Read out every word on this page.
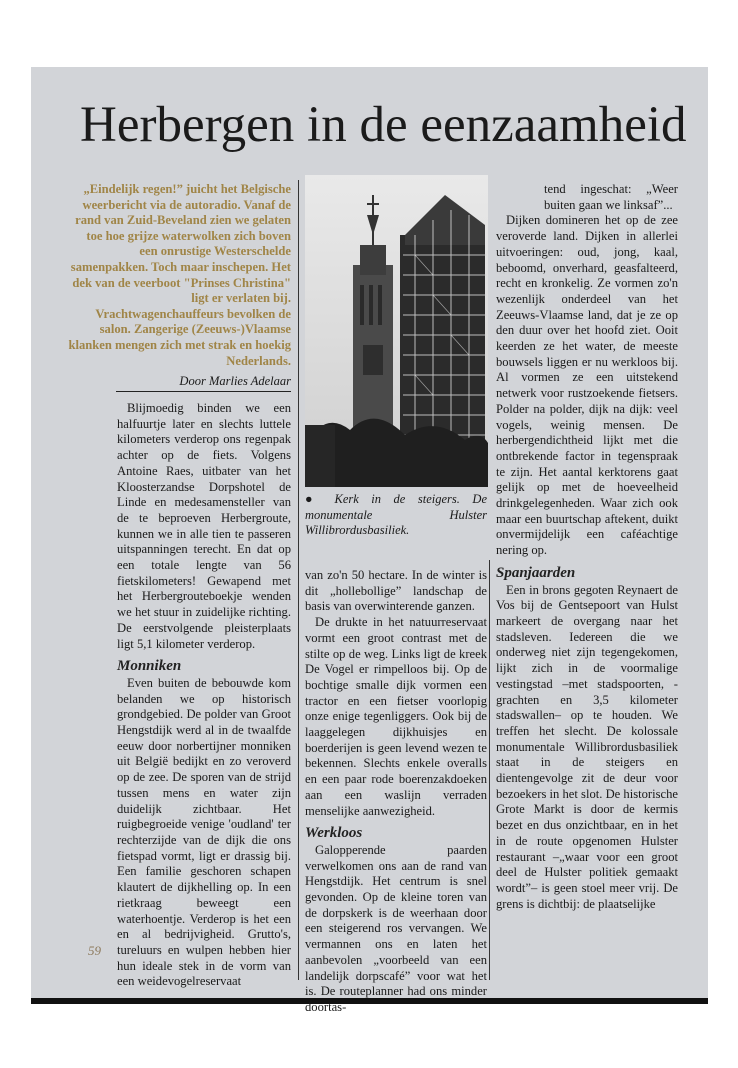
Herbergen in de eenzaamheid
„Eindelijk regen!” juicht het Belgische weerbericht via de autoradio. Vanaf de rand van Zuid-Beveland zien we gelaten toe hoe grijze waterwolken zich boven een onrustige Westerschelde samenpakken. Toch maar inschepen. Het dek van de veerboot "Prinses Christina" ligt er verlaten bij. Vrachtwagenchauffeurs bevolken de salon. Zangerige (Zeeuws-)Vlaamse klanken mengen zich met strak en hoekig Nederlands.
Door Marlies Adelaar

Blijmoedig binden we een halfuurtje later en slechts luttele kilometers verderop ons regenpak achter op de fiets. Volgens Antoine Raes, uitbater van het Kloosterzandse Dorpshotel de Linde en medesamensteller van de te beproeven Herbergroute, kunnen we in alle tien te passeren uitspanningen terecht. En dat op een totale lengte van 56 fietskilometers! Gewapend met het Herbergrouteboekje wenden we het stuur in zuidelijke richting. De eerstvolgende pleisterplaats ligt 5,1 kilometer verderop.

Monniken

Even buiten de bebouwde kom belanden we op historisch grondgebied. De polder van Groot Hengstdijk werd al in de twaalfde eeuw door norbertijner monniken uit België bedijkt en zo veroverd op de zee. De sporen van de strijd tussen mens en water zijn duidelijk zichtbaar. Het ruigbegroeide venige 'oudland' ter rechterzijde van de dijk die ons fietspad vormt, ligt er drassig bij. Een familie geschoren schapen klautert de dijkhelling op. In een rietkraag beweegt een waterhoentje. Verderop is het een en al bedrijvigheid. Grutto's, tureluurs en wulpen hebben hier hun ideale stek in de vorm van een weidevogelreservaat

● Kerk in de steigers. De monumentale Hulster Willibrordusbasiliek.

van zo'n 50 hectare. In de winter is dit „hollebollige” landschap de basis van overwinterende ganzen.

De drukte in het natuurreservaat vormt een groot contrast met de stilte op de weg. Links ligt de kreek De Vogel er rimpelloos bij. Op de bochtige smalle dijk vormen een tractor en een fietser voorlopig onze enige tegenliggers. Ook bij de laaggelegen dijkhuisjes en boerderijen is geen levend wezen te bekennen. Slechts enkele overalls en een paar rode boerenzakdoeken aan een waslijn verraden menselijke aanwezigheid.

Werkloos

Galopperende paarden verwelkomen ons aan de rand van Hengstdijk. Het centrum is snel gevonden. Op de kleine toren van de dorpskerk is de weerhaan door een steigerend ros vervangen. We vermannen ons en laten het aanbevolen „voorbeeld van een landelijk dorpscafé” voor wat het is. De routeplanner had ons minder doortas-

tend ingeschat: „Weer buiten gaan we linksaf”...

Dijken domineren het op de zee veroverde land. Dijken in allerlei uitvoeringen: oud, jong, kaal, beboomd, onverhard, geasfalteerd, recht en kronkelig. Ze vormen zo'n wezenlijk onderdeel van het Zeeuws-Vlaamse land, dat je ze op den duur over het hoofd ziet. Ooit keerden ze het water, de meeste bouwsels liggen er nu werkloos bij. Al vormen ze een uitstekend netwerk voor rustzoekende fietsers. Polder na polder, dijk na dijk: veel vogels, weinig mensen. De herbergendichtheid lijkt met die ontbrekende factor in tegenspraak te zijn. Het aantal kerktorens gaat gelijk op met de hoeveelheid drinkgelegenheden. Waar zich ook maar een buurtschap aftekent, duikt onvermijdelijk een caféachtige nering op.

Spanjaarden

Een in brons gegoten Reynaert de Vos bij de Gentsepoort van Hulst markeert de overgang naar het stadsleven. Iedereen die we onderweg niet zijn tegengekomen, lijkt zich in de voormalige vestingstad –met stadspoorten, -grachten en 3,5 kilometer stadswallen– op te houden. We treffen het slecht. De kolossale monumentale Willibrordusbasiliek staat in de steigers en dientengevolge zit de deur voor bezoekers in het slot. De historische Grote Markt is door de kermis bezet en dus onzichtbaar, en in het in de route opgenomen Hulster restaurant –„waar voor een groot deel de Hulster politiek gemaakt wordt”– is geen stoel meer vrij. De grens is dichtbij: de plaatselijke

59
